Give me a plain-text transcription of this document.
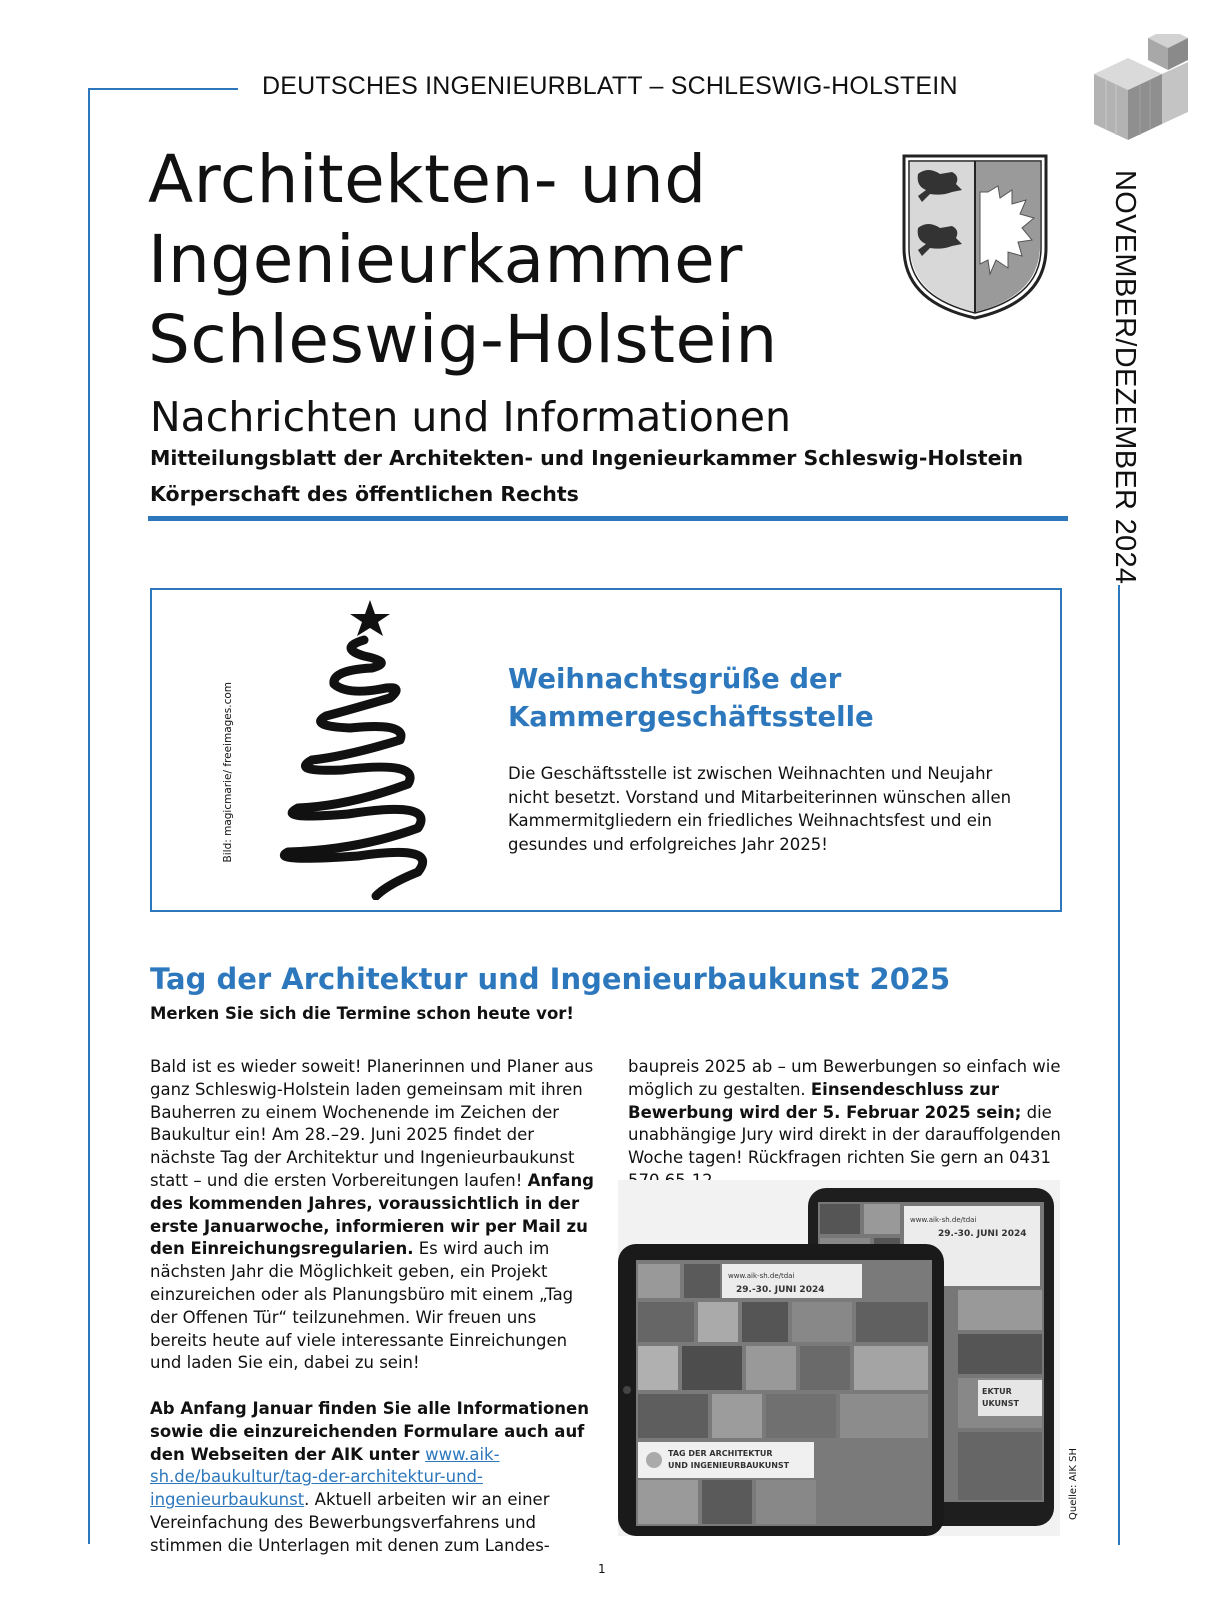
DEUTSCHES INGENIEURBLATT – SCHLESWIG-HOLSTEIN
NOVEMBER/DEZEMBER 2024
Architekten- und
Ingenieurkammer
Schleswig-Holstein
Nachrichten und Informationen
Mitteilungsblatt der Architekten- und Ingenieurkammer Schleswig-Holstein
Körperschaft des öffentlichen Rechts
Bild: magicmarie/ freeimages.com
Weihnachtsgrüße der Kammergeschäftsstelle
Die Geschäftsstelle ist zwischen Weihnachten und Neujahr nicht besetzt. Vorstand und Mitarbeiterinnen wünschen allen Kammermitgliedern ein friedliches Weihnachtsfest und ein gesundes und erfolgreiches Jahr 2025!
Tag der Architektur und Ingenieurbaukunst 2025
Merken Sie sich die Termine schon heute vor!

Bald ist es wieder soweit! Planerinnen und Planer aus ganz Schleswig-Holstein laden gemeinsam mit ihren Bauherren zu einem Wochenende im Zeichen der Baukultur ein! Am 28.–29. Juni 2025 findet der nächste Tag der Architektur und Ingenieurbaukunst statt – und die ersten Vorbereitungen laufen! Anfang des kommenden Jahres, voraussichtlich in der erste Januarwoche, informieren wir per Mail zu den Einreichungsregularien. Es wird auch im nächsten Jahr die Möglichkeit geben, ein Projekt einzureichen oder als Planungsbüro mit einem „Tag der Offenen Tür“ teilzunehmen. Wir freuen uns bereits heute auf viele interessante Einreichungen und laden Sie ein, dabei zu sein!

Ab Anfang Januar finden Sie alle Informationen sowie die einzureichenden Formulare auch auf den Webseiten der AIK unter www.aik-sh.de/baukultur/tag-der-architektur-und-ingenieurbaukunst. Aktuell arbeiten wir an einer Vereinfachung des Bewerbungsverfahrens und stimmen die Unterlagen mit denen zum Landes-

baupreis 2025 ab – um Bewerbungen so einfach wie möglich zu gestalten. Einsendeschluss zur Bewerbung wird der 5. Februar 2025 sein; die unabhängige Jury wird direkt in der darauffolgenden Woche tagen! Rückfragen richten Sie gern an 0431

www.aik-sh.de/tdai
29.-30. JUNI 2024
EKTUR
UKUNST
www.aik-sh.de/tdai
29.-30. JUNI 2024
TAG DER ARCHITEKTUR
UND INGENIEURBAUKUNST	Quelle: AIK SH
1
